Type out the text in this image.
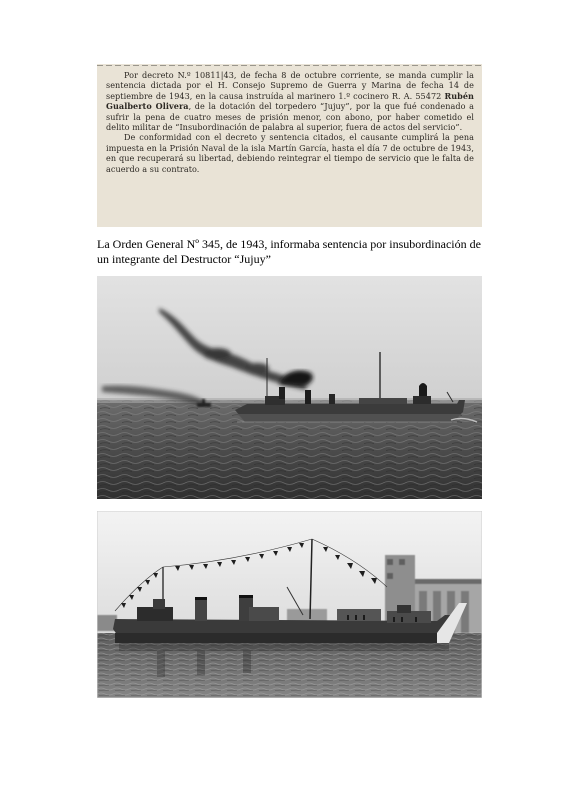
Por decreto N.º 10811|43, de fecha 8 de octubre corriente, se manda cumplir la sentencia dictada por el H. Consejo Supremo de Guerra y Marina de fecha 14 de septiembre de 1943, en la causa instruída al marinero 1.º cocinero R. A. 55472 Rubén Gualberto Olivera, de la dotación del torpedero “Jujuy”, por la que fué condenado a sufrir la pena de cuatro meses de prisión menor, con abono, por haber cometido el delito militar de “Insubordinación de palabra al superior, fuera de actos del servicio”.

De conformidad con el decreto y sentencia citados, el causante cumplirá la pena impuesta en la Prisión Naval de la isla Martín García, hasta el día 7 de octubre de 1943, en que recuperará su libertad, debiendo reintegrar el tiempo de servicio que le falta de acuerdo a su contrato.

La Orden General Nº 345, de 1943, informaba sentencia por insubordinación de un integrante del Destructor “Jujuy”
